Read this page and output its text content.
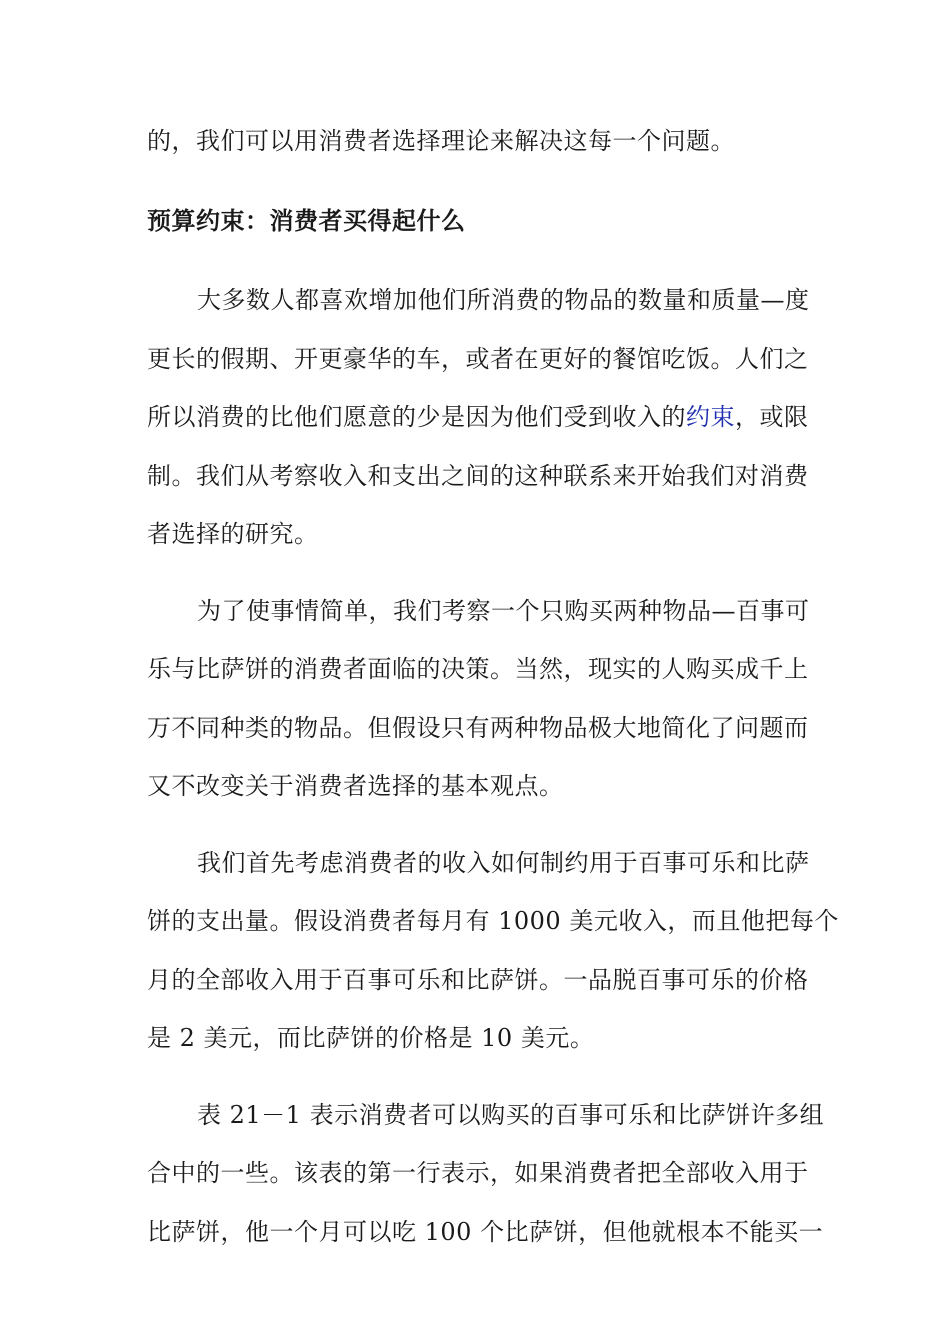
的，我们可以用消费者选择理论来解决这每一个问题。
预算约束：消费者买得起什么
大多数人都喜欢增加他们所消费的物品的数量和质量—度
更长的假期、开更豪华的车，或者在更好的餐馆吃饭。人们之
所以消费的比他们愿意的少是因为他们受到收入的约束，或限
制。我们从考察收入和支出之间的这种联系来开始我们对消费
者选择的研究。
为了使事情简单，我们考察一个只购买两种物品—百事可
乐与比萨饼的消费者面临的决策。当然，现实的人购买成千上
万不同种类的物品。但假设只有两种物品极大地简化了问题而
又不改变关于消费者选择的基本观点。
我们首先考虑消费者的收入如何制约用于百事可乐和比萨
饼的支出量。假设消费者每月有 1000 美元收入，而且他把每个
月的全部收入用于百事可乐和比萨饼。一品脱百事可乐的价格
是 2 美元，而比萨饼的价格是 10 美元。
表 21－1 表示消费者可以购买的百事可乐和比萨饼许多组
合中的一些。该表的第一行表示，如果消费者把全部收入用于
比萨饼，他一个月可以吃 100 个比萨饼，但他就根本不能买一
